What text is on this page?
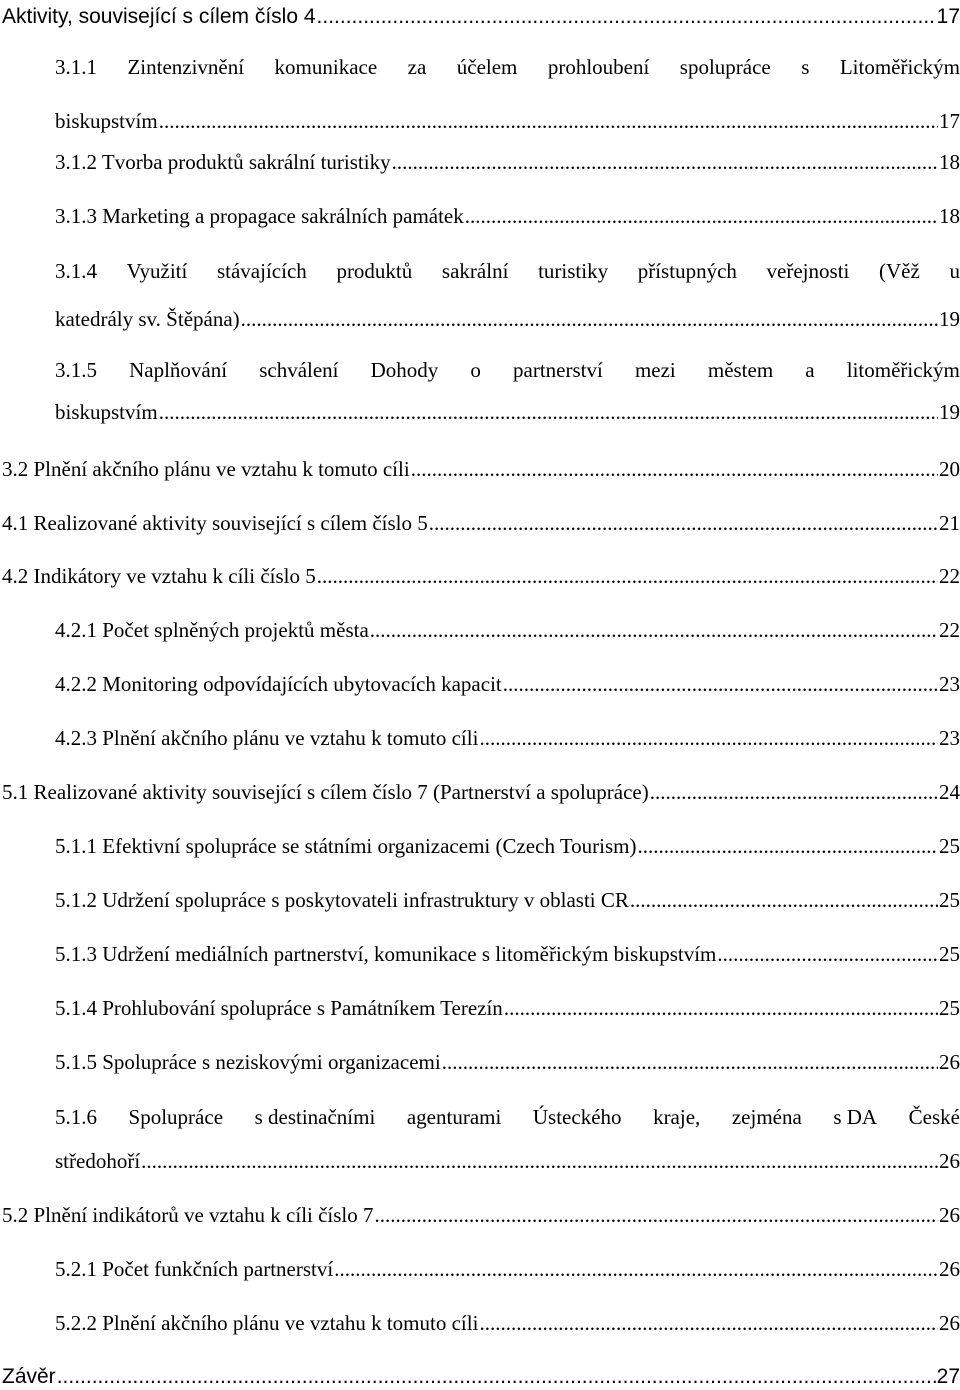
Aktivity, související s cílem číslo 4 .....	17
3.1.1 Zintenzivnění komunikace za účelem prohloubení spolupráce s Litoměřickým
biskupstvím .....	17
3.1.2 Tvorba produktů sakrální turistiky .....	18
3.1.3 Marketing a propagace sakrálních památek .....	18
3.1.4 Využití stávajících produktů sakrální turistiky přístupných veřejnosti (Věž u
katedrály sv. Štěpána) .....	19
3.1.5 Naplňování schválení Dohody o partnerství mezi městem a litoměřickým
biskupstvím .....	19
3.2 Plnění akčního plánu ve vztahu k tomuto cíli .....	20
4.1 Realizované aktivity související s cílem číslo 5 .....	21
4.2 Indikátory ve vztahu k cíli číslo 5 .....	22
4.2.1 Počet splněných projektů města .....	22
4.2.2 Monitoring odpovídajících ubytovacích kapacit .....	23
4.2.3 Plnění akčního plánu ve vztahu k tomuto cíli .....	23
5.1 Realizované aktivity související s cílem číslo 7 (Partnerství a spolupráce) .....	24
5.1.1 Efektivní spolupráce se státními organizacemi (Czech Tourism) .....	25
5.1.2 Udržení spolupráce s poskytovateli infrastruktury v oblasti CR .....	25
5.1.3 Udržení mediálních partnerství, komunikace s litoměřickým biskupstvím .....	25
5.1.4 Prohlubování spolupráce s Památníkem Terezín .....	25
5.1.5 Spolupráce s neziskovými organizacemi .....	26
5.1.6 Spolupráce s destinačními agenturami Ústeckého kraje, zejména s DA České
středohoří .....	26
5.2 Plnění indikátorů ve vztahu k cíli číslo 7 .....	26
5.2.1 Počet funkčních partnerství .....	26
5.2.2 Plnění akčního plánu ve vztahu k tomuto cíli .....	26
Závěr .....	27
